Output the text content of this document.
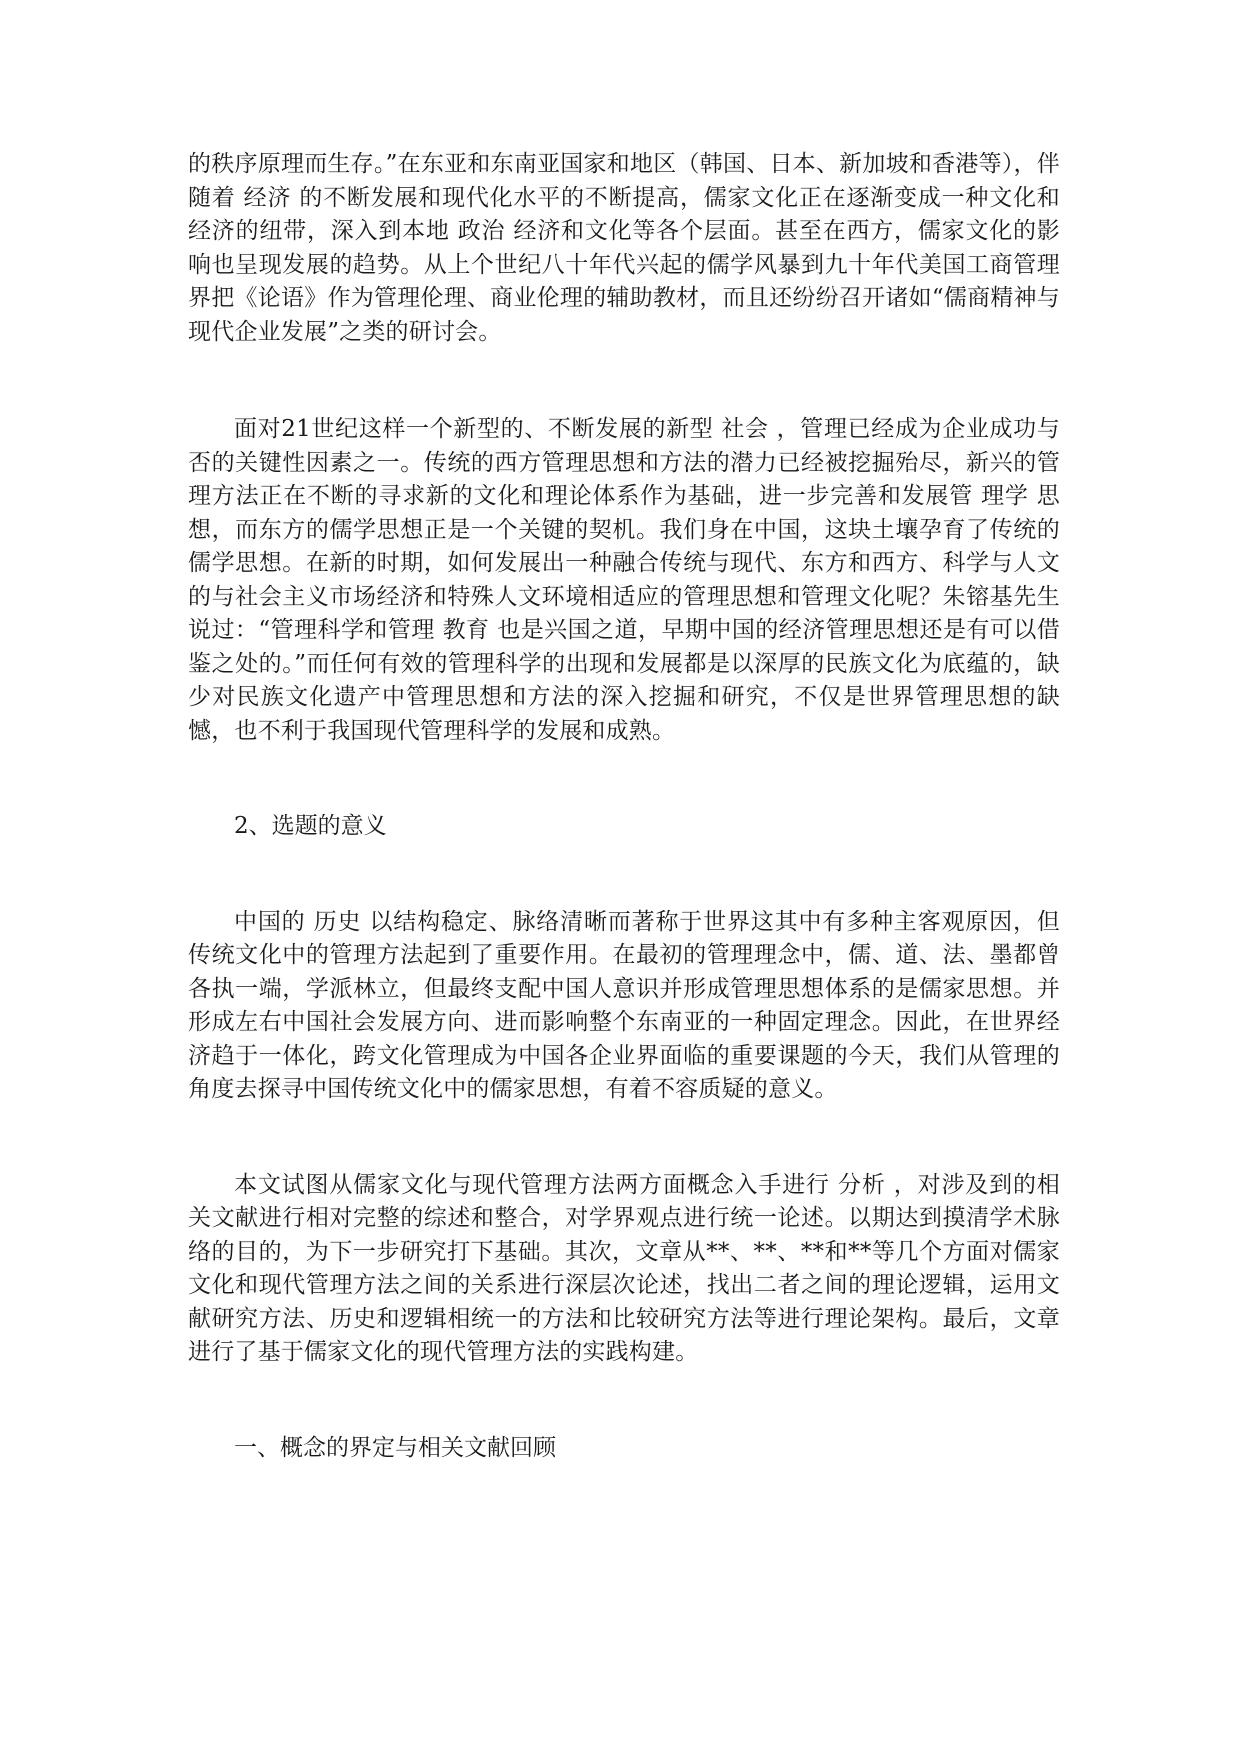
的秩序原理而生存。”在东亚和东南亚国家和地区（韩国、日本、新加坡和香港等），伴随着 经济 的不断发展和现代化水平的不断提高，儒家文化正在逐渐变成一种文化和经济的纽带，深入到本地 政治 经济和文化等各个层面。甚至在西方，儒家文化的影响也呈现发展的趋势。从上个世纪八十年代兴起的儒学风暴到九十年代美国工商管理界把《论语》作为管理伦理、商业伦理的辅助教材，而且还纷纷召开诸如“儒商精神与现代企业发展”之类的研讨会。

面对21世纪这样一个新型的、不断发展的新型 社会 ，管理已经成为企业成功与否的关键性因素之一。传统的西方管理思想和方法的潜力已经被挖掘殆尽，新兴的管理方法正在不断的寻求新的文化和理论体系作为基础，进一步完善和发展管 理学 思想，而东方的儒学思想正是一个关键的契机。我们身在中国，这块土壤孕育了传统的儒学思想。在新的时期，如何发展出一种融合传统与现代、东方和西方、科学与人文的与社会主义市场经济和特殊人文环境相适应的管理思想和管理文化呢？朱镕基先生说过：“管理科学和管理 教育 也是兴国之道，早期中国的经济管理思想还是有可以借鉴之处的。”而任何有效的管理科学的出现和发展都是以深厚的民族文化为底蕴的，缺少对民族文化遗产中管理思想和方法的深入挖掘和研究，不仅是世界管理思想的缺憾，也不利于我国现代管理科学的发展和成熟。

2、选题的意义

中国的 历史 以结构稳定、脉络清晰而著称于世界这其中有多种主客观原因，但传统文化中的管理方法起到了重要作用。在最初的管理理念中，儒、道、法、墨都曾各执一端，学派林立，但最终支配中国人意识并形成管理思想体系的是儒家思想。并形成左右中国社会发展方向、进而影响整个东南亚的一种固定理念。因此，在世界经济趋于一体化，跨文化管理成为中国各企业界面临的重要课题的今天，我们从管理的角度去探寻中国传统文化中的儒家思想，有着不容质疑的意义。

本文试图从儒家文化与现代管理方法两方面概念入手进行 分析 ，对涉及到的相关文献进行相对完整的综述和整合，对学界观点进行统一论述。以期达到摸清学术脉络的目的，为下一步研究打下基础。其次，文章从**、**、**和**等几个方面对儒家文化和现代管理方法之间的关系进行深层次论述，找出二者之间的理论逻辑，运用文献研究方法、历史和逻辑相统一的方法和比较研究方法等进行理论架构。最后，文章进行了基于儒家文化的现代管理方法的实践构建。

一、概念的界定与相关文献回顾
